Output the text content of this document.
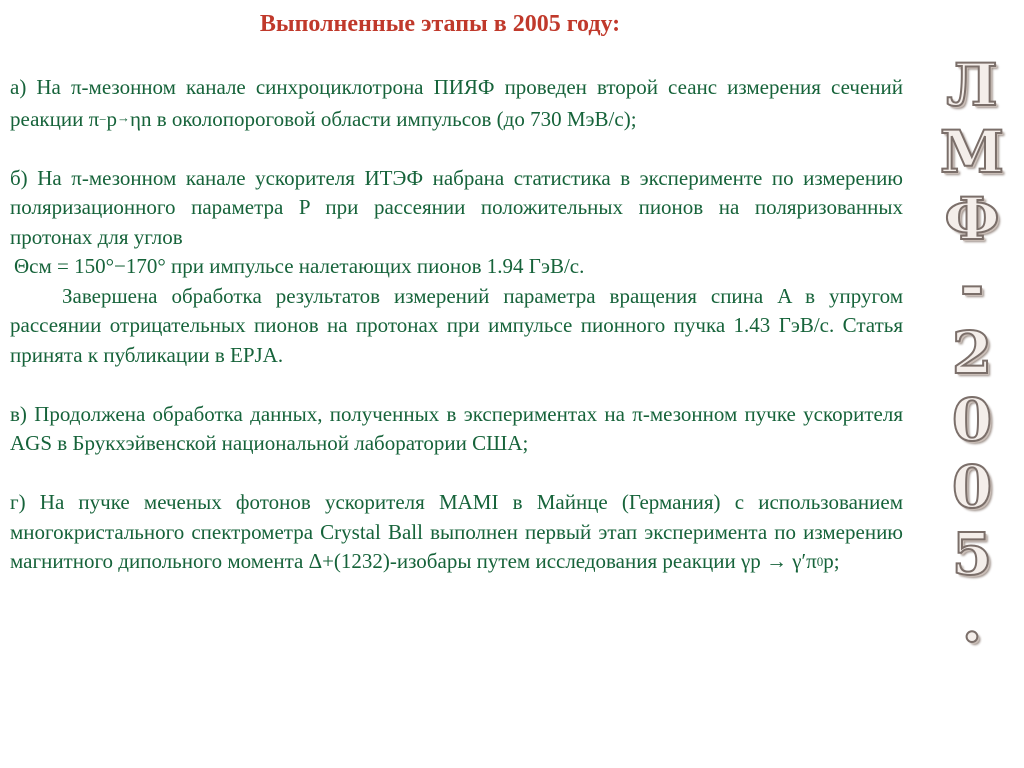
Выполненные этапы в 2005 году:

а) На π-мезонном канале синхроциклотрона ПИЯФ проведен второй сеанс измерения сечений реакции π−p→ηn в околопороговой области импульсов (до 730 МэВ/с);

б) На π-мезонном канале ускорителя ИТЭФ набрана статистика в эксперименте по измерению поляризационного параметра P при рассеянии положительных пионов на поляризованных протонах для углов

Θcм = 150°−170° при импульсе налетающих пионов 1.94 ГэВ/с.

Завершена обработка результатов измерений параметра вращения спина A в упругом рассеянии отрицательных пионов на протонах при импульсе пионного пучка 1.43 ГэВ/с. Статья принята к публикации в EPJA.

в) Продолжена обработка данных, полученных в экспериментах на π-мезонном пучке ускорителя AGS в Брукхэйвенской национальной лаборатории США;

г) На пучке меченых фотонов ускорителя MAMI в Майнце (Германия) с использованием многокристального спектрометра Crystal Ball выполнен первый этап эксперимента по измерению магнитного дипольного момента Δ+(1232)-изобары путем исследования реакции $\gamma p \to \gamma'\pi^0p$;

Л
М
Ф
-
2
0
0
5
.
